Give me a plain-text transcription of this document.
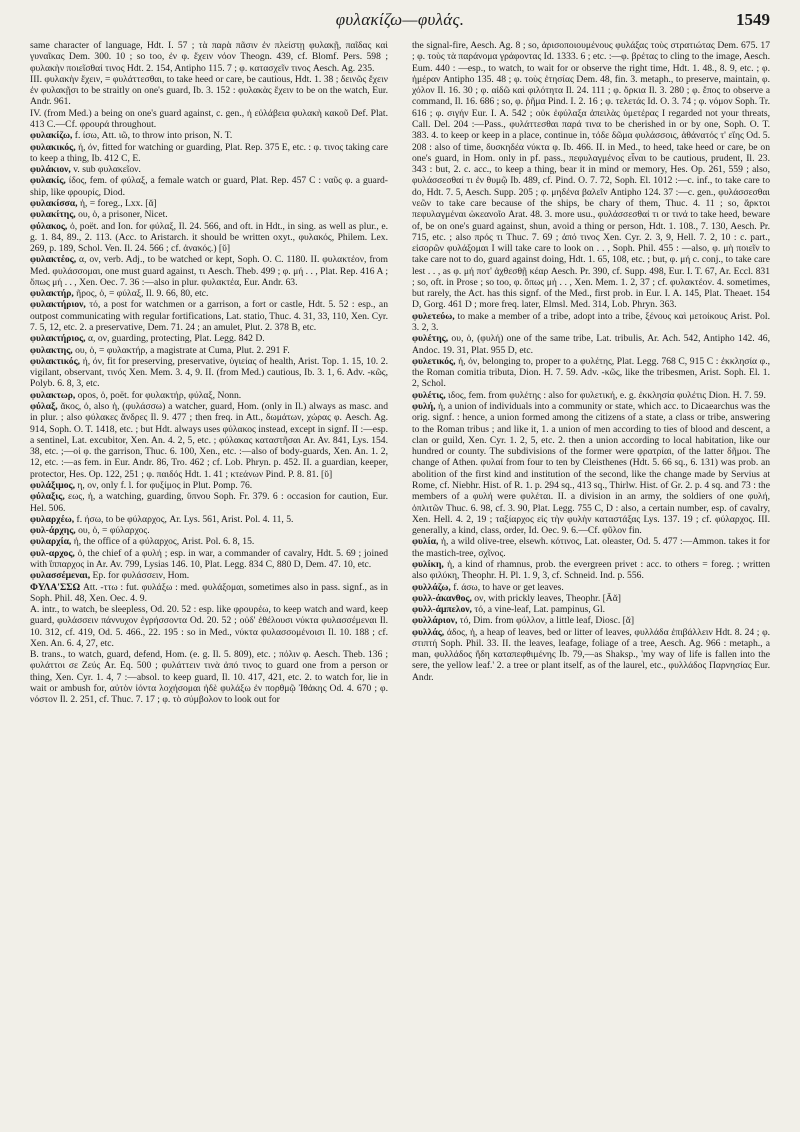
φυλακίζω—φυλάς.	1549

same character of language, Hdt. I. 57 ; τὰ παρὰ πᾶσιν ἐν πλείστῃ φυλακῇ, παῖδας καὶ γυναῖκας Dem. 300. 10 ; so too, ἐν φ. ἔχειν νόον Theogn. 439, cf. Blomf. Pers. 598 ; φυλακὴν ποιεῖσθαί τινος Hdt. 2. 154, Antipho 115. 7 ; φ. κατασχεῖν τινος Aesch. Ag. 235.

III. φυλακὴν ἔχειν, = φυλάττεσθαι, to take heed or care, be cautious, Hdt. 1. 38 ; δεινῶς ἔχειν ἐν φυλακῇσι to be straitly on one's guard, Ib. 3. 152 : φυλακὰς ἔχειν to be on the watch, Eur. Andr. 961.

IV. (from Med.) a being on one's guard against, c. gen., ἡ εὐλάβεια φυλακὴ κακοῦ Def. Plat. 413 C.—Cf. φρουρά throughout.

φυλακίζω, f. ίσω, Att. ιῶ, to throw into prison, N. T.

φυλακικός, ή, όν, fitted for watching or guarding, Plat. Rep. 375 E, etc. : φ. τινος taking care to keep a thing, Ib. 412 C, E.

φυλάκιον, v. sub φυλακεῖον.

φυλακίς, ίδος, fem. of φύλαξ, a female watch or guard, Plat. Rep. 457 C : ναῦς φ. a guard-ship, like φρουρίς, Diod.

φυλακίσσα, ἡ, = foreg., Lxx. [ᾰ]

φυλακίτης, ου, ὁ, a prisoner, Nicet.

φύλακος, ὁ, poët. and Ion. for φύλαξ, Il. 24. 566, and oft. in Hdt., in sing. as well as plur., e. g. 1. 84, 89., 2. 113. (Acc. to Aristarch. it should be written oxyt., φυλακός, Philem. Lex. 269, p. 189, Schol. Ven. Il. 24. 566 ; cf. ἀνακός.) [ῠ]

φυλακτέος, α, ον, verb. Adj., to be watched or kept, Soph. O. C. 1180. II. φυλακτέον, from Med. φυλάσσομαι, one must guard against, τι Aesch. Theb. 499 ; φ. μή . . , Plat. Rep. 416 A ; ὅπως μή . . , Xen. Oec. 7. 36 :—also in plur. φυλακτέα, Eur. Andr. 63.

φυλακτήρ, ῆρος, ὁ, = φύλαξ, Il. 9. 66, 80, etc.

φυλακτήριον, τό, a post for watchmen or a garrison, a fort or castle, Hdt. 5. 52 : esp., an outpost communicating with regular fortifications, Lat. statio, Thuc. 4. 31, 33, 110, Xen. Cyr. 7. 5, 12, etc. 2. a preservative, Dem. 71. 24 ; an amulet, Plut. 2. 378 B, etc.

φυλακτήριος, α, ον, guarding, protecting, Plat. Legg. 842 D.

φυλακτης, ου, ὁ, = φυλακτήρ, a magistrate at Cuma, Plut. 2. 291 F.

φυλακτικός, ή, όν, fit for preserving, preservative, ὑγιείας of health, Arist. Top. 1. 15, 10. 2. vigilant, observant, τινός Xen. Mem. 3. 4, 9. II. (from Med.) cautious, Ib. 3. 1, 6. Adv. -κῶς, Polyb. 6. 8, 3, etc.

φυλακτωρ, opos, ὁ, poët. for φυλακτήρ, φύλαξ, Nonn.

φύλαξ, ᾰκος, ὁ, also ἡ, (φυλάσσω) a watcher, guard, Hom. (only in Il.) always as masc. and in plur. ; also φύλακες ἄνδρες Il. 9. 477 ; then freq. in Att., δωμάτων, χώρας φ. Aesch. Ag. 914, Soph. O. T. 1418, etc. ; but Hdt. always uses φύλακος instead, except in signf. II :—esp. a sentinel, Lat. excubitor, Xen. An. 4. 2, 5, etc. ; φύλακας καταστῆσαι Ar. Av. 841, Lys. 154. 38, etc. ;—οἱ φ. the garrison, Thuc. 6. 100, Xen., etc. :—also of body-guards, Xen. An. 1. 2, 12, etc. :—as fem. in Eur. Andr. 86, Tro. 462 ; cf. Lob. Phryn. p. 452. II. a guardian, keeper, protector, Hes. Op. 122, 251 ; φ. παιδός Hdt. 1. 41 ; κτεάνων Pind. P. 8. 81. [ῠ]

φυλάξιμος, η, ον, only f. l. for φυξίμος in Plut. Pomp. 76.

φύλαξις, εως, ἡ, a watching, guarding, ὕπνου Soph. Fr. 379. 6 : occasion for caution, Eur. Hel. 506.

φυλαρχέω, f. ήσω, to be φύλαρχος, Ar. Lys. 561, Arist. Pol. 4. 11, 5.

φυλ-άρχης, ου, ὁ, = φύλαρχος.

φυλαρχία, ἡ, the office of a φύλαρχος, Arist. Pol. 6. 8, 15.

φυλ-αρχος, ὁ, the chief of a φυλή ; esp. in war, a commander of cavalry, Hdt. 5. 69 ; joined with ἵππαρχος in Ar. Av. 799, Lysias 146. 10, Plat. Legg. 834 C, 880 D, Dem. 47. 10, etc.

φυλασσέμεναι, Ep. for φυλάσσειν, Hom.

ΦΥΛΑ'ΣΣΩ Att. -ττω : fut. φυλάξω : med. φυλάξομαι, sometimes also in pass. signf., as in Soph. Phil. 48, Xen. Oec. 4. 9.

A. intr., to watch, be sleepless, Od. 20. 52 : esp. like φρουρέω, to keep watch and ward, keep guard, φυλάσσειν πάννυχον ἐγρήσσοντα Od. 20. 52 ; οὐδ' ἐθέλουσι νύκτα φυλασσέμεναι Il. 10. 312, cf. 419, Od. 5. 466., 22. 195 : so in Med., νύκτα φυλασσομένοισι Il. 10. 188 ; cf. Xen. An. 6. 4, 27, etc.

B. trans., to watch, guard, defend, Hom. (e. g. Il. 5. 809), etc. ; πόλιν φ. Aesch. Theb. 136 ; φυλάττοι σε Ζεύς Ar. Eq. 500 ; φυλάττειν τινὰ ἀπό τινος to guard one from a person or thing, Xen. Cyr. 1. 4, 7 :—absol. to keep guard, Il. 10. 417, 421, etc. 2. to watch for, lie in wait or ambush for, αὐτὸν ἰόντα λοχήσομαι ἠδὲ φυλάξω ἐν πορθμῷ Ἰθάκης Od. 4. 670 ; φ. νόστον Il. 2. 251, cf. Thuc. 7. 17 ; φ. τὸ σύμβολον to look out for

the signal-fire, Aesch. Ag. 8 ; so, ἀρισοποιουμένους φυλάξας τοὺς στρατιώτας Dem. 675. 17 ; φ. τοὺς τὰ παράνομα γράφοντας Id. 1333. 6 ; etc. :—φ. βρέτας to cling to the image, Aesch. Eum. 440 : —esp., to watch, to wait for or observe the right time, Hdt. 1. 48., 8. 9, etc. ; φ. ἡμέραν Antipho 135. 48 ; φ. τοὺς ἐτησίας Dem. 48, fin. 3. metaph., to preserve, maintain, φ. χόλον Il. 16. 30 ; φ. αἰδῶ καὶ φιλότητα Il. 24. 111 ; φ. ὅρκια Il. 3. 280 ; φ. ἔπος to observe a command, Il. 16. 686 ; so, φ. ῥῆμα Pind. I. 2. 16 ; φ. τελετάς Id. O. 3. 74 ; φ. νόμον Soph. Tr. 616 ; φ. σιγήν Eur. I. A. 542 ; οὐκ ἐφύλαξα ἀπειλὰς ὑμετέρας I regarded not your threats, Call. Del. 204 :—Pass., φυλάττεσθαι παρά τινα to be cherished in or by one, Soph. O. T. 383. 4. to keep or keep in a place, continue in, τόδε δῶμα φυλάσσοις, ἀθάνατός τ' εἴης Od. 5. 208 : also of time, δυσκηδέα νύκτα φ. Ib. 466. II. in Med., to heed, take heed or care, be on one's guard, in Hom. only in pf. pass., πεφυλαγμένος εἶναι to be cautious, prudent, Il. 23. 343 : but, 2. c. acc., to keep a thing, bear it in mind or memory, Hes. Op. 261, 559 ; also, φυλάσσεσθαί τι ἐν θυμῷ Ib. 489, cf. Pind. O. 7. 72, Soph. El. 1012 :—c. inf., to take care to do, Hdt. 7. 5, Aesch. Supp. 205 ; φ. μηδένα βαλεῖν Antipho 124. 37 :—c. gen., φυλάσσεσθαι νεῶν to take care because of the ships, be chary of them, Thuc. 4. 11 ; so, ἄρκτοι πεφυλαγμέναι ὠκεανοῖο Arat. 48. 3. more usu., φυλάσσεσθαί τι or τινά to take heed, beware of, be on one's guard against, shun, avoid a thing or person, Hdt. 1. 108., 7. 130, Aesch. Pr. 715, etc. ; also πρός τι Thuc. 7. 69 ; ἀπό τινος Xen. Cyr. 2. 3, 9, Hell. 7. 2, 10 : c. part., εἰσορῶν φυλάξομαι I will take care to look on . . , Soph. Phil. 455 : —also, φ. μὴ ποιεῖν to take care not to do, guard against doing, Hdt. 1. 65, 108, etc. ; but, φ. μή c. conj., to take care lest . . , as φ. μή ποτ' ἀχθεσθῇ κέαρ Aesch. Pr. 390, cf. Supp. 498, Eur. I. T. 67, Ar. Eccl. 831 ; so, oft. in Prose ; so too, φ. ὅπως μή . . , Xen. Mem. 1. 2, 37 ; cf. φυλακτέον. 4. sometimes, but rarely, the Act. has this signf. of the Med., first prob. in Eur. I. A. 145, Plat. Theaet. 154 D, Gorg. 461 D ; more freq. later, Elmsl. Med. 314, Lob. Phryn. 363.

φυλετεύω, to make a member of a tribe, adopt into a tribe, ξένους καὶ μετοίκους Arist. Pol. 3. 2, 3.

φυλέτης, ου, ὁ, (φυλή) one of the same tribe, Lat. tribulis, Ar. Ach. 542, Antipho 142. 46, Andoc. 19. 31, Plat. 955 D, etc.

φυλετικός, ή, όν, belonging to, proper to a φυλέτης, Plat. Legg. 768 C, 915 C : ἐκκλησία φ., the Roman comitia tributa, Dion. H. 7. 59. Adv. -κῶς, like the tribesmen, Arist. Soph. El. 1. 2, Schol.

φυλέτις, ιδος, fem. from φυλέτης : also for φυλετική, e. g. ἐκκλησία φυλέτις Dion. H. 7. 59.

φυλή, ἡ, a union of individuals into a community or state, which acc. to Dicaearchus was the orig. signf. : hence, a union formed among the citizens of a state, a class or tribe, answering to the Roman tribus ; and like it, 1. a union of men according to ties of blood and descent, a clan or guild, Xen. Cyr. 1. 2, 5, etc. 2. then a union according to local habitation, like our hundred or county. The subdivisions of the former were φρατρίαι, of the latter δῆμοι. The change of Athen. φυλαί from four to ten by Cleisthenes (Hdt. 5. 66 sq., 6. 131) was prob. an abolition of the first kind and institution of the second, like the change made by Servius at Rome, cf. Niebhr. Hist. of R. 1. p. 294 sq., 413 sq., Thirlw. Hist. of Gr. 2. p. 4 sq. and 73 : the members of a φυλή were φυλέται. II. a division in an army, the soldiers of one φυλή, ὁπλιτῶν Thuc. 6. 98, cf. 3. 90, Plat. Legg. 755 C, D : also, a certain number, esp. of cavalry, Xen. Hell. 4. 2, 19 ; ταξίαρχος εἰς τὴν φυλὴν καταστάξας Lys. 137. 19 ; cf. φύλαρχος. III. generally, a kind, class, order, Id. Oec. 9. 6.—Cf. φῦλον fin.

φυλία, ἡ, a wild olive-tree, elsewh. κότινος, Lat. oleaster, Od. 5. 477 :—Ammon. takes it for the mastich-tree, σχῖνος.

φυλίκη, ἡ, a kind of rhamnus, prob. the evergreen privet : acc. to others = foreg. ; written also φιλύκη, Theophr. H. Pl. 1. 9, 3, cf. Schneid. Ind. p. 556.

φυλλάζω, f. άσω, to have or get leaves.

φυλλ-άκανθος, ον, with prickly leaves, Theophr. [Ᾱᾰ]

φυλλ-άμπελον, τό, a vine-leaf, Lat. pampinus, Gl.

φυλλάριον, τό, Dim. from φύλλον, a little leaf, Diosc. [ᾰ]

φυλλάς, άδος, ἡ, a heap of leaves, bed or litter of leaves, φυλλάδα ἐπιβάλλειν Hdt. 8. 24 ; φ. στιπτή Soph. Phil. 33. II. the leaves, leafage, foliage of a tree, Aesch. Ag. 966 : metaph., a man, φυλλάδος ἤδη καταπεφθιμένης Ib. 79,—as Shaksp., 'my way of life is fallen into the sere, the yellow leaf.' 2. a tree or plant itself, as of the laurel, etc., φυλλάδος Παρνησίας Eur. Andr.
